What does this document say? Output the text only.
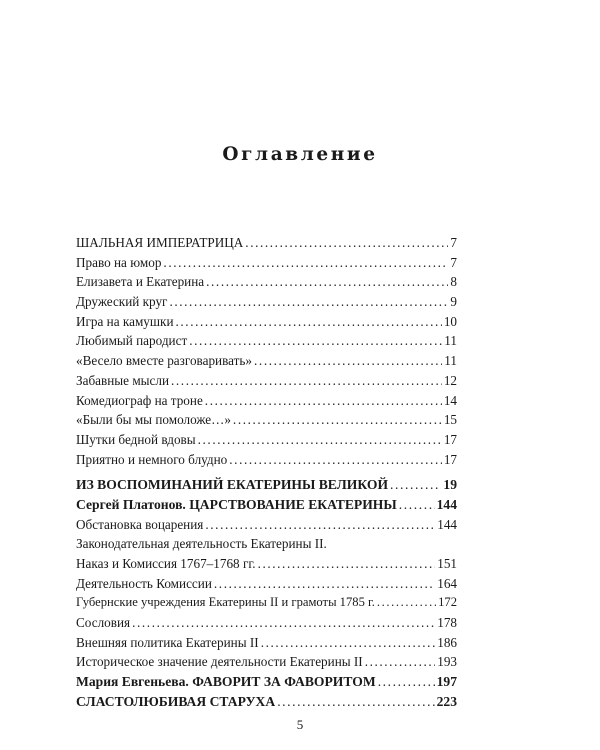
Оглавление
ШАЛЬНАЯ ИМПЕРАТРИЦА .....	7
Право на юмор .....	7
Елизавета и Екатерина .....	8
Дружеский круг .....	9
Игра на камушки .....	10
Любимый пародист .....	11
«Весело вместе разговаривать» .....	11
Забавные мысли .....	12
Комедиограф на троне .....	14
«Были бы мы помоложе…» .....	15
Шутки бедной вдовы .....	17
Приятно и немного блудно .....	17
ИЗ ВОСПОМИНАНИЙ ЕКАТЕРИНЫ ВЕЛИКОЙ .....	19
Сергей Платонов.
ЦАРСТВОВАНИЕ ЕКАТЕРИНЫ .....	144
Обстановка воцарения .....	144
Законодательная деятельность Екатерины II.
Наказ и Комиссия 1767–1768 гг. .....	151
Деятельность Комиссии .....	164
Губернские учреждения Екатерины II и грамоты 1785 г. .....	172
Сословия .....	178
Внешняя политика Екатерины II .....	186
Историческое значение деятельности Екатерины II .....	193
Мария Евгеньева.
ФАВОРИТ ЗА ФАВОРИТОМ .....	197
СЛАСТОЛЮБИВАЯ СТАРУХА .....	223
5
